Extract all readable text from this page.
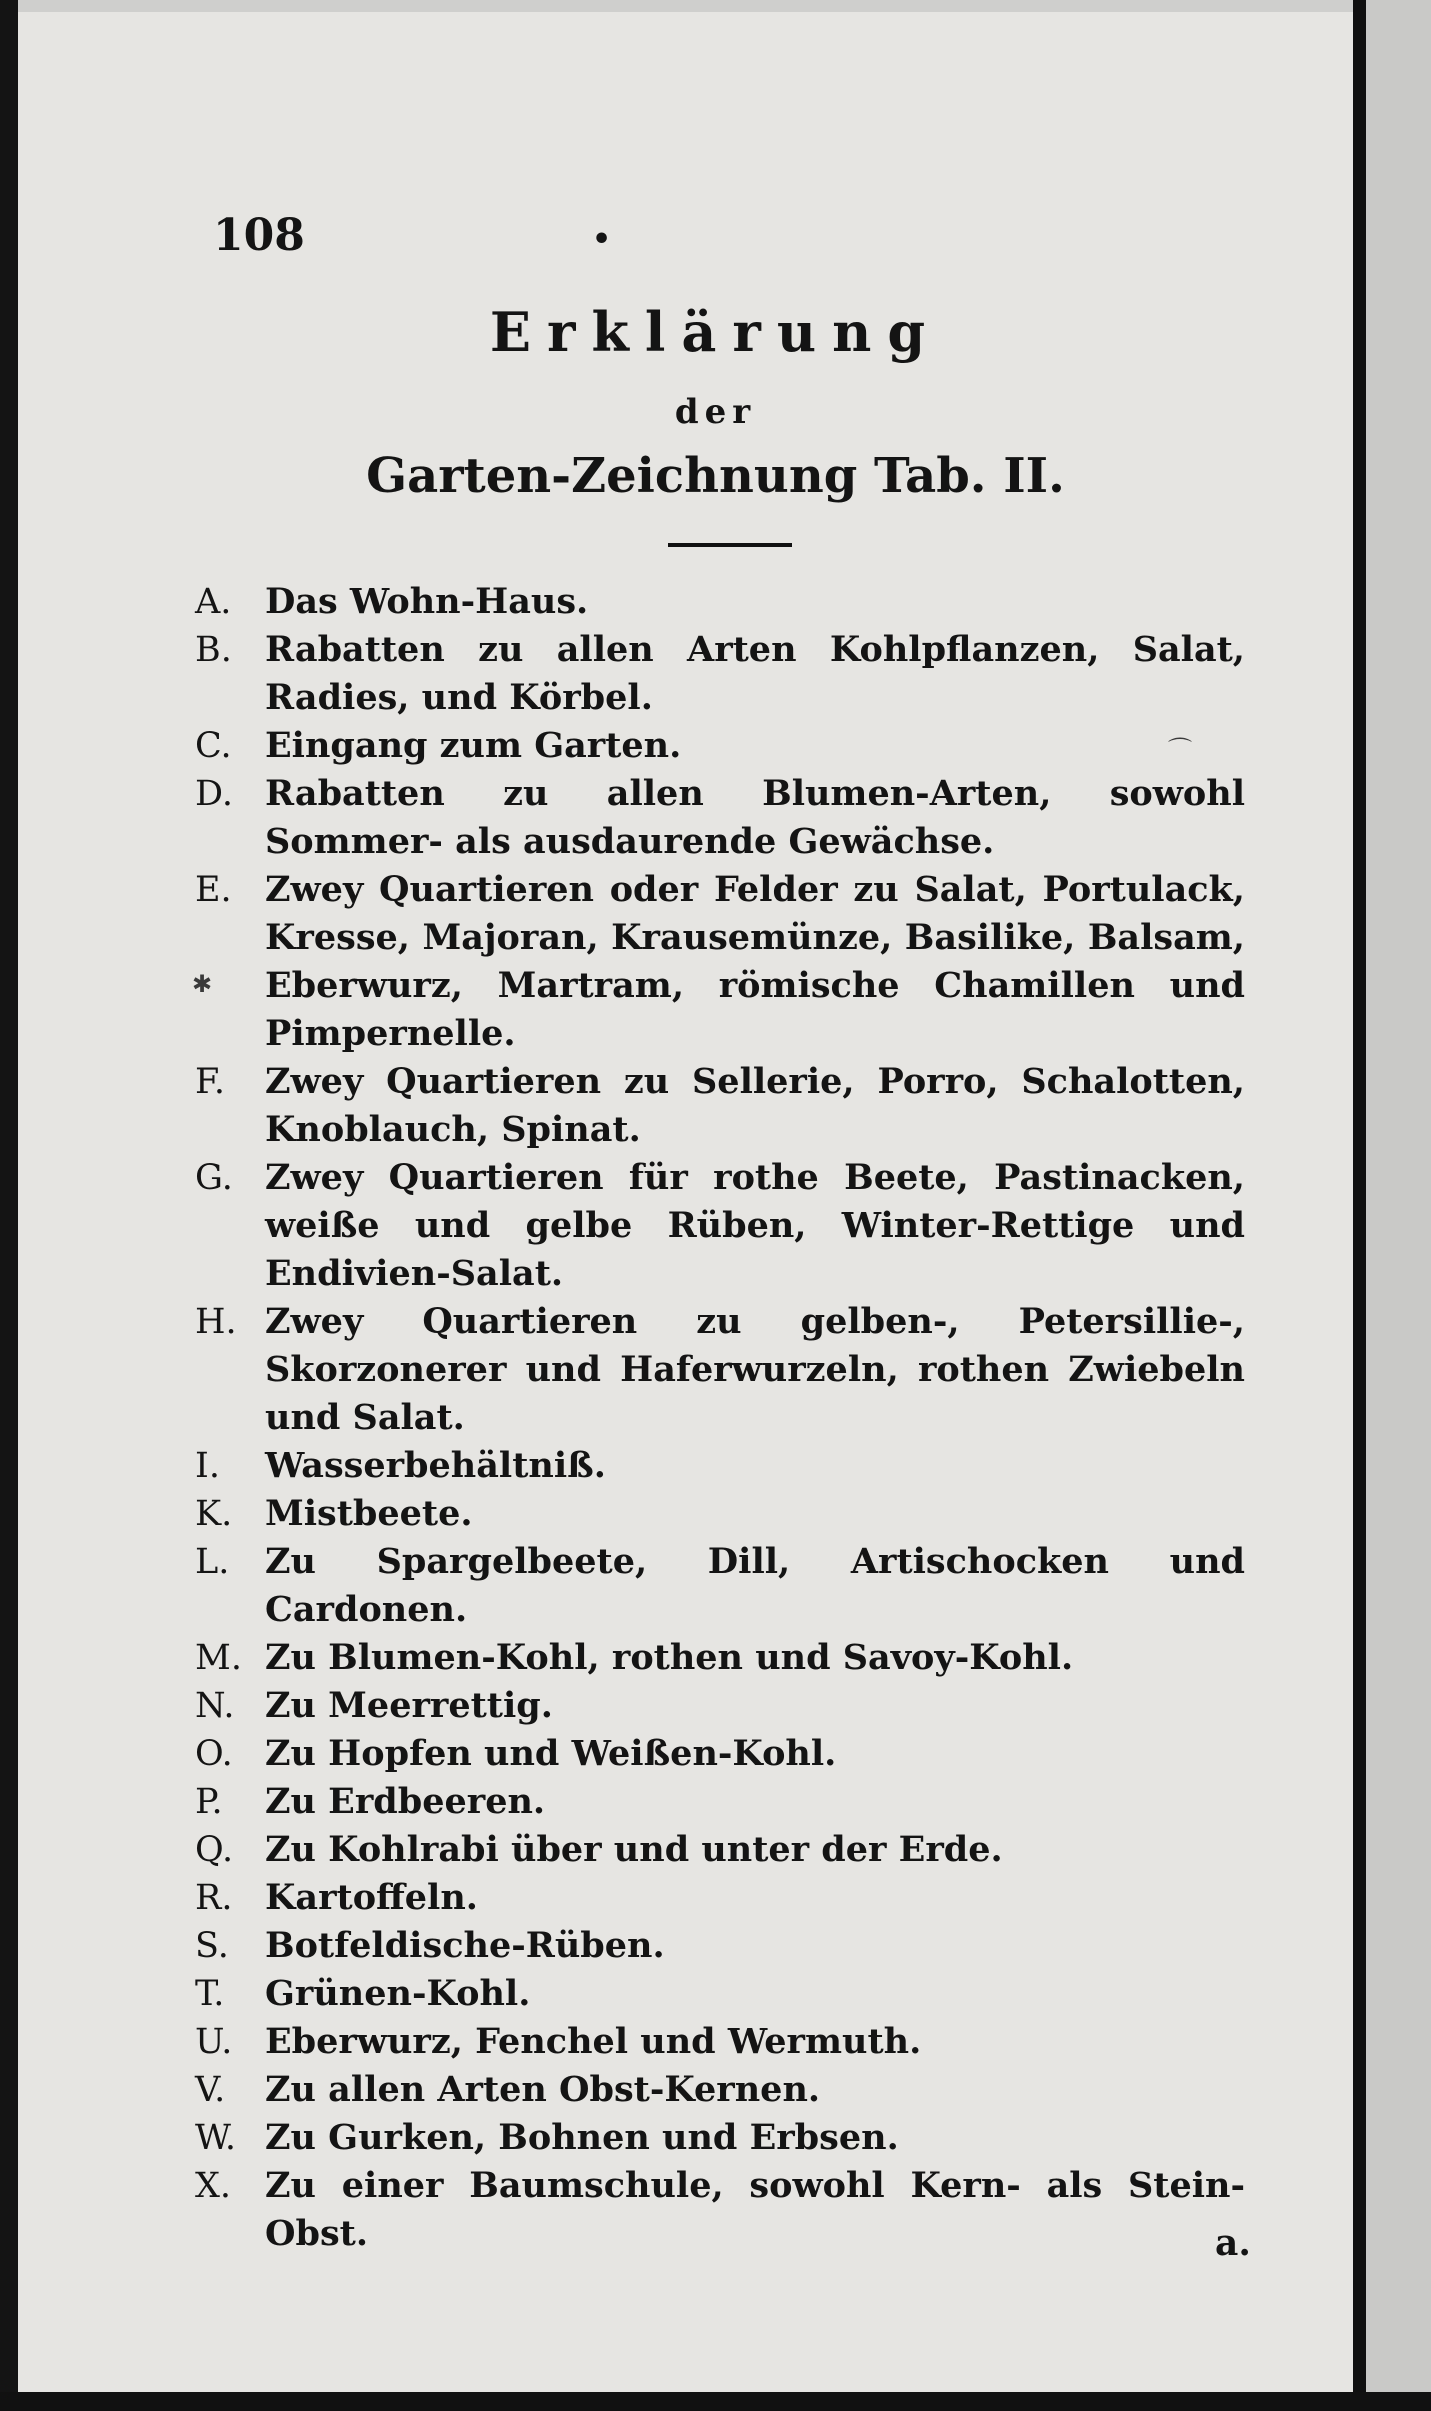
108	•
Erklärung
der
Garten-Zeichnung Tab. II.
A. Das Wohn-Haus.
B. Rabatten zu allen Arten Kohlpflanzen, Salat, Radies, und Körbel.
C. Eingang zum Garten.
D. Rabatten zu allen Blumen-Arten, sowohl Sommer- als ausdaurende Gewächse.
E. Zwey Quartieren oder Felder zu Salat, Portulack, Kresse, Majoran, Krausemünze, Basilike, Balsam, Eberwurz, Martram, römische Chamillen und Pimpernelle.
F. Zwey Quartieren zu Sellerie, Porro, Schalotten, Knoblauch, Spinat.
G. Zwey Quartieren für rothe Beete, Pastinacken, weiße und gelbe Rüben, Winter-Rettige und Endivien-Salat.
H. Zwey Quartieren zu gelben-, Petersillie-, Skorzonerer und Haferwurzeln, rothen Zwiebeln und Salat.
I. Wasserbehältniß.
K. Mistbeete.
L. Zu Spargelbeete, Dill, Artischocken und Cardonen.
M. Zu Blumen-Kohl, rothen und Savoy-Kohl.
N. Zu Meerrettig.
O. Zu Hopfen und Weißen-Kohl.
P. Zu Erdbeeren.
Q. Zu Kohlrabi über und unter der Erde.
R. Kartoffeln.
S. Botfeldische-Rüben.
T. Grünen-Kohl.
U. Eberwurz, Fenchel und Wermuth.
V. Zu allen Arten Obst-Kernen.
W. Zu Gurken, Bohnen und Erbsen.
X. Zu einer Baumschule, sowohl Kern- als Stein-Obst.	a.
✱
⌒
